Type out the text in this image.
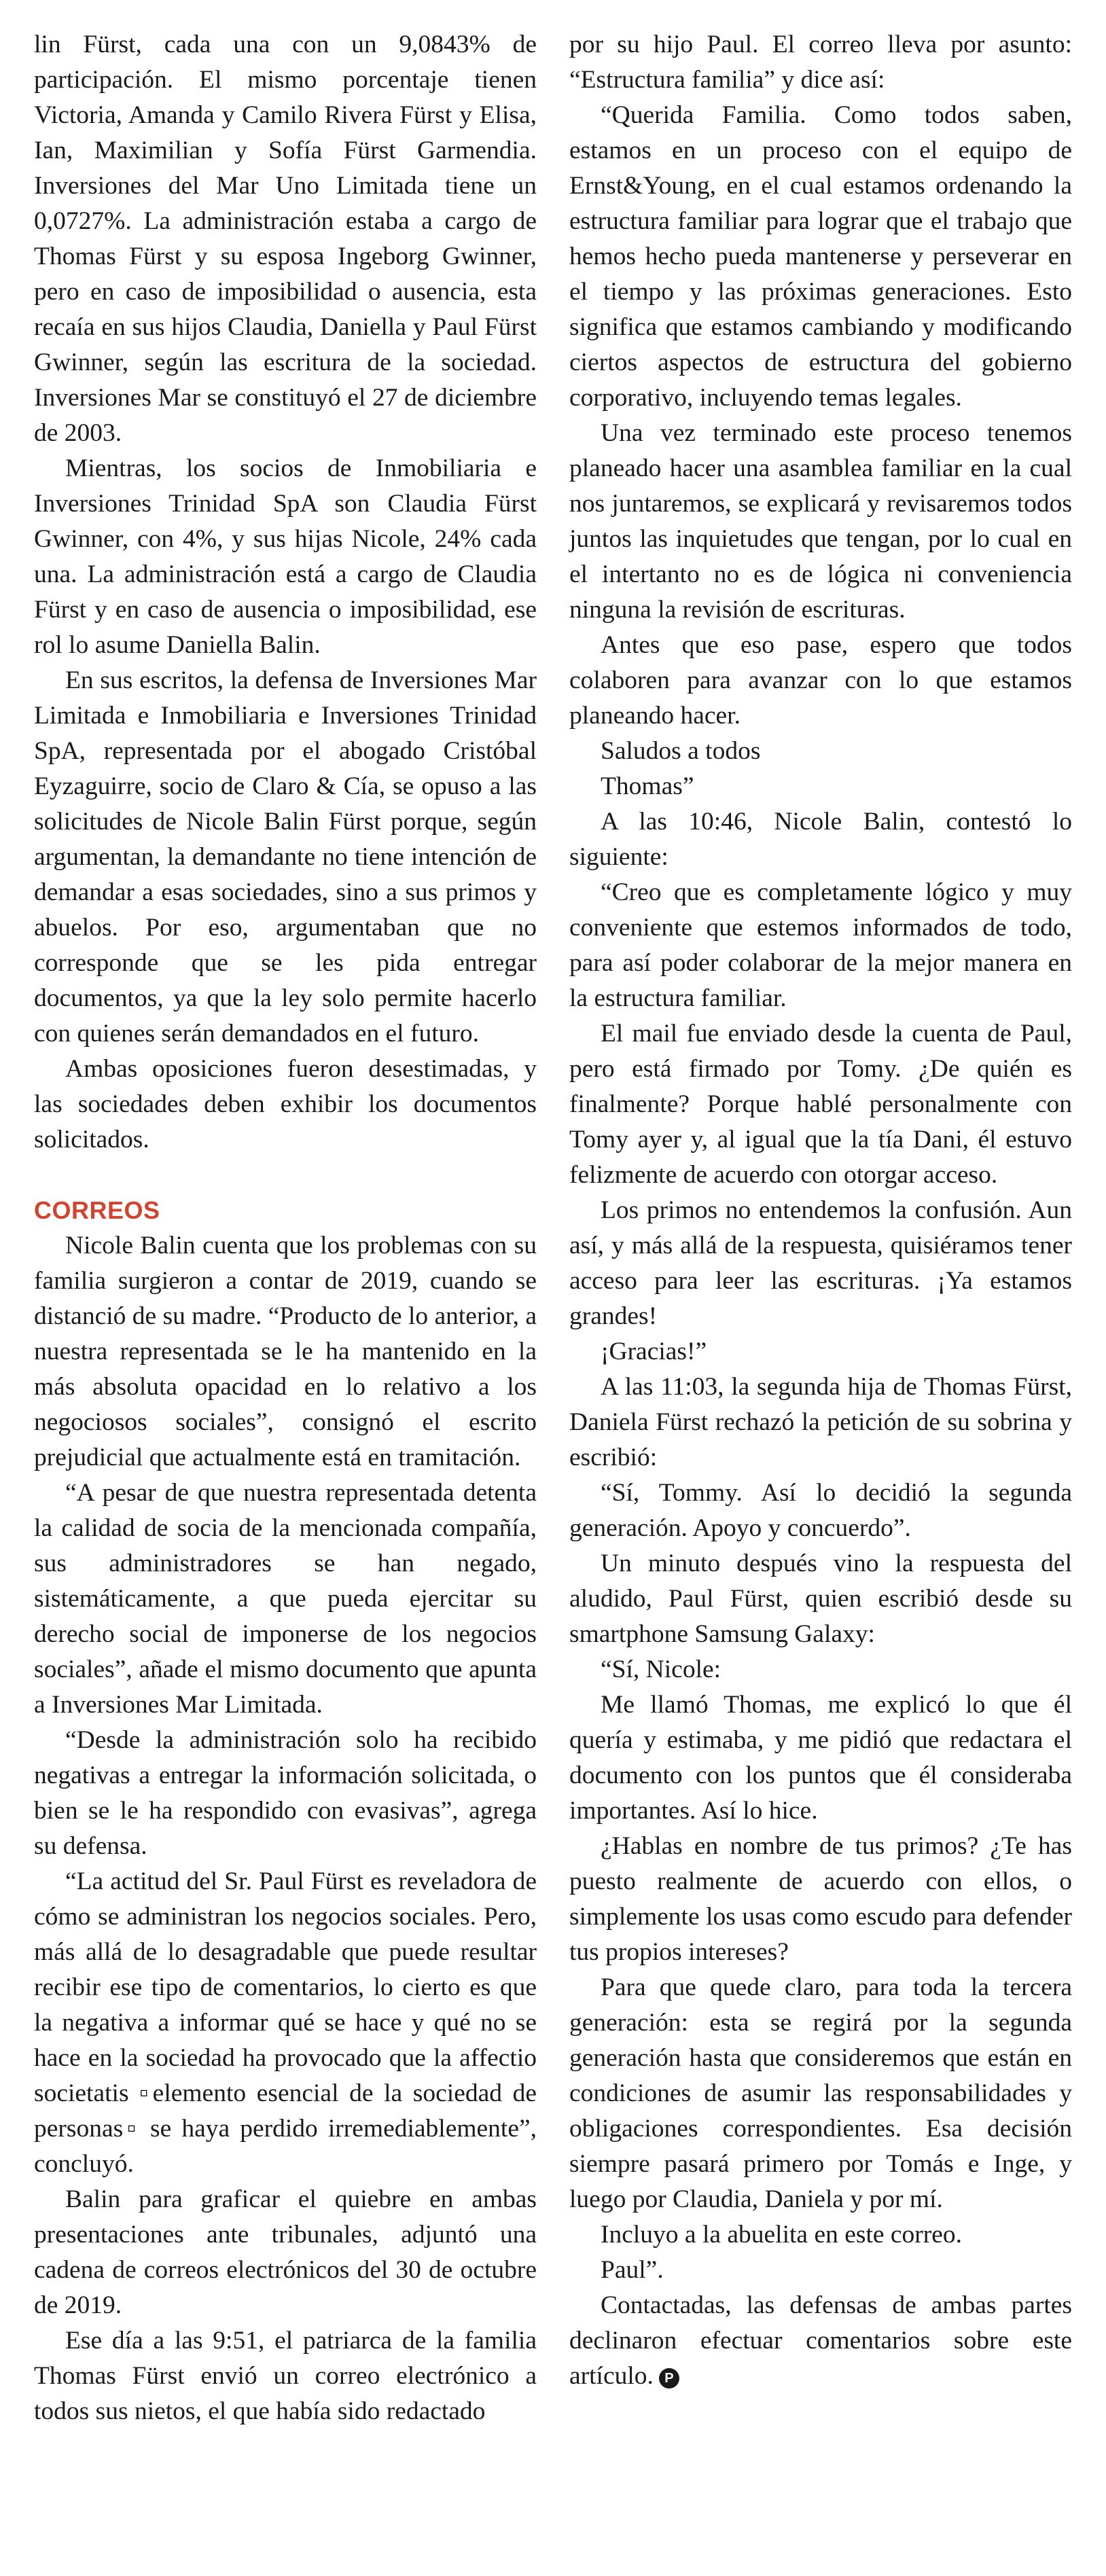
lin Fürst, cada una con un 9,0843% de participación. El mismo porcentaje tienen Victoria, Amanda y Camilo Rivera Fürst y Elisa, Ian, Maximilian y Sofía Fürst Garmendia. Inversiones del Mar Uno Limitada tiene un 0,0727%. La administración estaba a cargo de Thomas Fürst y su esposa Ingeborg Gwinner, pero en caso de imposibilidad o ausencia, esta recaía en sus hijos Claudia, Daniella y Paul Fürst Gwinner, según las escritura de la sociedad. Inversiones Mar se constituyó el 27 de diciembre de 2003.

Mientras, los socios de Inmobiliaria e Inversiones Trinidad SpA son Claudia Fürst Gwinner, con 4%, y sus hijas Nicole, 24% cada una. La administración está a cargo de Claudia Fürst y en caso de ausencia o imposibilidad, ese rol lo asume Daniella Balin.

En sus escritos, la defensa de Inversiones Mar Limitada e Inmobiliaria e Inversiones Trinidad SpA, representada por el abogado Cristóbal Eyzaguirre, socio de Claro & Cía, se opuso a las solicitudes de Nicole Balin Fürst porque, según argumentan, la demandante no tiene intención de demandar a esas sociedades, sino a sus primos y abuelos. Por eso, argumentaban que no corresponde que se les pida entregar documentos, ya que la ley solo permite hacerlo con quienes serán demandados en el futuro.

Ambas oposiciones fueron desestimadas, y las sociedades deben exhibir los documentos solicitados.

CORREOS

Nicole Balin cuenta que los problemas con su familia surgieron a contar de 2019, cuando se distanció de su madre. “Producto de lo anterior, a nuestra representada se le ha mantenido en la más absoluta opacidad en lo relativo a los negociosos sociales”, consignó el escrito prejudicial que actualmente está en tramitación.

“A pesar de que nuestra representada detenta la calidad de socia de la mencionada compañía, sus administradores se han negado, sistemáticamente, a que pueda ejercitar su derecho social de imponerse de los negocios sociales”, añade el mismo documento que apunta a Inversiones Mar Limitada.

“Desde la administración solo ha recibido negativas a entregar la información solicitada, o bien se le ha respondido con evasivas”, agrega su defensa.

“La actitud del Sr. Paul Fürst es reveladora de cómo se administran los negocios sociales. Pero, más allá de lo desagradable que puede resultar recibir ese tipo de comentarios, lo cierto es que la negativa a informar qué se hace y qué no se hace en la sociedad ha provocado que la affectio societatis ▫elemento esencial de la sociedad de personas▫ se haya perdido irremediablemente”, concluyó.

Balin para graficar el quiebre en ambas presentaciones ante tribunales, adjuntó una cadena de correos electrónicos del 30 de octubre de 2019.

Ese día a las 9:51, el patriarca de la familia Thomas Fürst envió un correo electrónico a todos sus nietos, el que había sido redactado

por su hijo Paul. El correo lleva por asunto: “Estructura familia” y dice así:

“Querida Familia. Como todos saben, estamos en un proceso con el equipo de Ernst&Young, en el cual estamos ordenando la estructura familiar para lograr que el trabajo que hemos hecho pueda mantenerse y perseverar en el tiempo y las próximas generaciones. Esto significa que estamos cambiando y modificando ciertos aspectos de estructura del gobierno corporativo, incluyendo temas legales.

Una vez terminado este proceso tenemos planeado hacer una asamblea familiar en la cual nos juntaremos, se explicará y revisaremos todos juntos las inquietudes que tengan, por lo cual en el intertanto no es de lógica ni conveniencia ninguna la revisión de escrituras.

Antes que eso pase, espero que todos colaboren para avanzar con lo que estamos planeando hacer.

Saludos a todos

Thomas”

A las 10:46, Nicole Balin, contestó lo siguiente:

“Creo que es completamente lógico y muy conveniente que estemos informados de todo, para así poder colaborar de la mejor manera en la estructura familiar.

El mail fue enviado desde la cuenta de Paul, pero está firmado por Tomy. ¿De quién es finalmente? Porque hablé personalmente con Tomy ayer y, al igual que la tía Dani, él estuvo felizmente de acuerdo con otorgar acceso.

Los primos no entendemos la confusión. Aun así, y más allá de la respuesta, quisiéramos tener acceso para leer las escrituras. ¡Ya estamos grandes!

¡Gracias!”

A las 11:03, la segunda hija de Thomas Fürst, Daniela Fürst rechazó la petición de su sobrina y escribió:

“Sí, Tommy. Así lo decidió la segunda generación. Apoyo y concuerdo”.

Un minuto después vino la respuesta del aludido, Paul Fürst, quien escribió desde su smartphone Samsung Galaxy:

“Sí, Nicole:

Me llamó Thomas, me explicó lo que él quería y estimaba, y me pidió que redactara el documento con los puntos que él consideraba importantes. Así lo hice.

¿Hablas en nombre de tus primos? ¿Te has puesto realmente de acuerdo con ellos, o simplemente los usas como escudo para defender tus propios intereses?

Para que quede claro, para toda la tercera generación: esta se regirá por la segunda generación hasta que consideremos que están en condiciones de asumir las responsabilidades y obligaciones correspondientes. Esa decisión siempre pasará primero por Tomás e Inge, y luego por Claudia, Daniela y por mí.

Incluyo a la abuelita en este correo.

Paul”.

Contactadas, las defensas de ambas partes declinaron efectuar comentarios sobre este artículo. P
